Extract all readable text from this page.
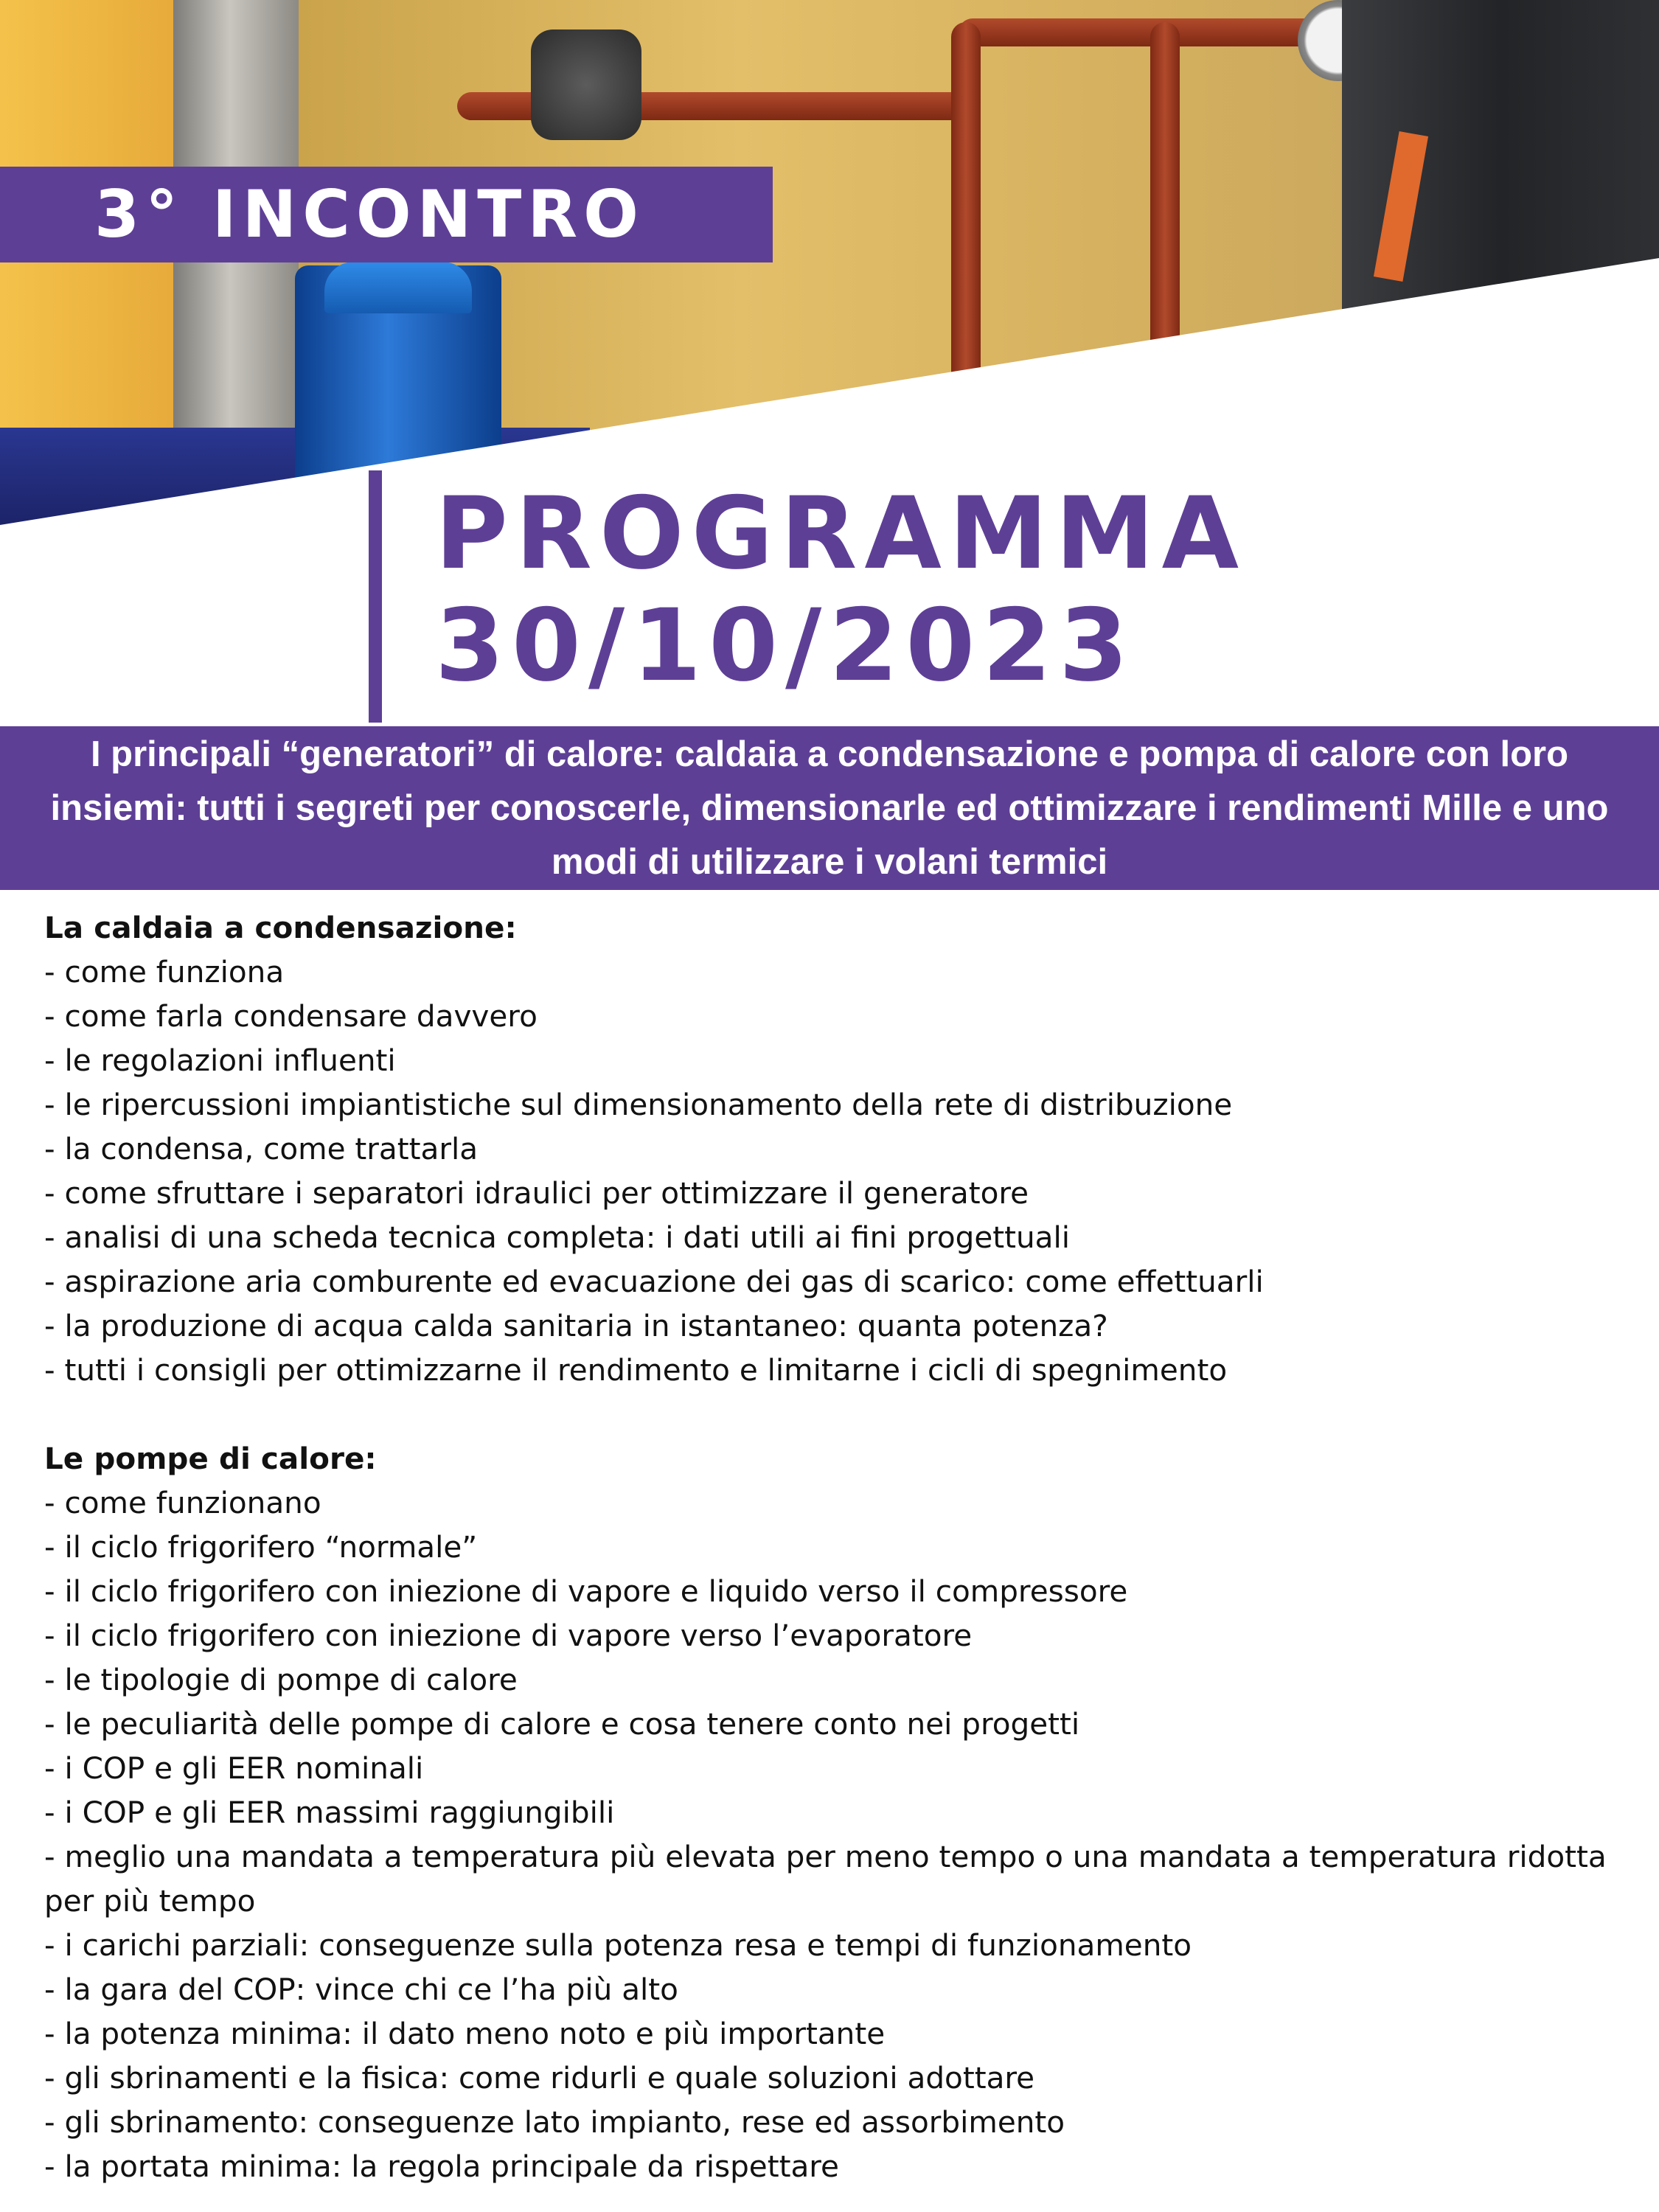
3° INCONTRO
PROGRAMMA
30/10/2023
I principali “generatori” di calore: caldaia a condensazione e pompa di calore con loro insiemi: tutti i segreti per conoscerle, dimensionarle ed ottimizzare i rendimenti Mille e uno modi di utilizzare i volani termici
La caldaia a condensazione:
- come funziona
- come farla condensare davvero
- le regolazioni influenti
- le ripercussioni impiantistiche sul dimensionamento della rete di distribuzione
- la condensa, come trattarla
- come sfruttare i separatori idraulici per ottimizzare il generatore
- analisi di una scheda tecnica completa: i dati utili ai fini progettuali
- aspirazione aria comburente ed evacuazione dei gas di scarico: come effettuarli
- la produzione di acqua calda sanitaria in istantaneo: quanta potenza?
- tutti i consigli per ottimizzarne il rendimento e limitarne i cicli di spegnimento
Le pompe di calore:
- come funzionano
- il ciclo frigorifero “normale”
- il ciclo frigorifero con iniezione di vapore e liquido verso il compressore
- il ciclo frigorifero con iniezione di vapore verso l’evaporatore
- le tipologie di pompe di calore
- le peculiarità delle pompe di calore e cosa tenere conto nei progetti
- i COP e gli EER nominali
- i COP e gli EER massimi raggiungibili
- meglio una mandata a temperatura più elevata per meno tempo o una mandata a temperatura ridotta per più tempo
- i carichi parziali: conseguenze sulla potenza resa e tempi di funzionamento
- la gara del COP: vince chi ce l’ha più alto
- la potenza minima: il dato meno noto e più importante
- gli sbrinamenti e la fisica: come ridurli e quale soluzioni adottare
- gli sbrinamento: conseguenze lato impianto, rese ed assorbimento
- la portata minima: la regola principale da rispettare
